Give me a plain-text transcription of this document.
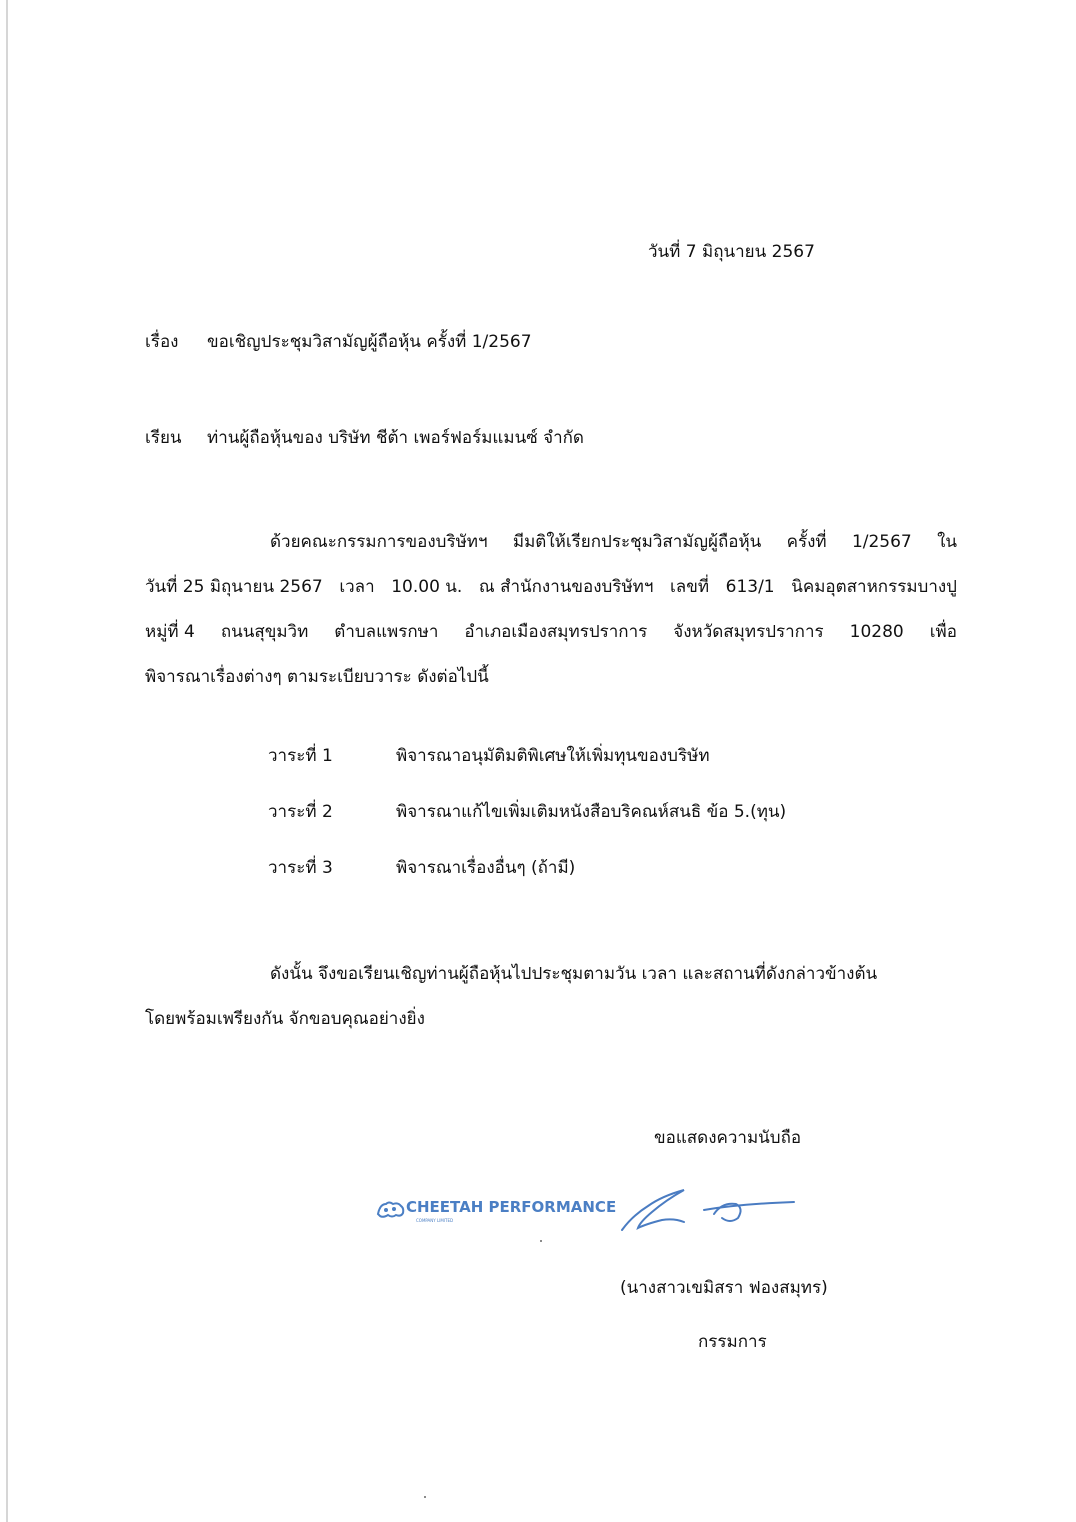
วันที่ 7 มิถุนายน 2567
เรื่อง ขอเชิญประชุมวิสามัญผู้ถือหุ้น ครั้งที่ 1/2567
เรียน ท่านผู้ถือหุ้นของ บริษัท ชีต้า เพอร์ฟอร์มแมนซ์ จำกัด
ด้วยคณะกรรมการของบริษัทฯ มีมติให้เรียกประชุมวิสามัญผู้ถือหุ้น ครั้งที่ 1/2567 ใน
วันที่ 25 มิถุนายน 2567 เวลา 10.00 น. ณ สำนักงานของบริษัทฯ เลขที่ 613/1 นิคมอุตสาหกรรมบางปู
หมู่ที่ 4 ถนนสุขุมวิท ตำบลแพรกษา อำเภอเมืองสมุทรปราการ จังหวัดสมุทรปราการ 10280 เพื่อ
พิจารณาเรื่องต่างๆ ตามระเบียบวาระ ดังต่อไปนี้
วาระที่ 1	พิจารณาอนุมัติมติพิเศษให้เพิ่มทุนของบริษัท
วาระที่ 2	พิจารณาแก้ไขเพิ่มเติมหนังสือบริคณห์สนธิ ข้อ 5.(ทุน)
วาระที่ 3	พิจารณาเรื่องอื่นๆ (ถ้ามี)
ดังนั้น จึงขอเรียนเชิญท่านผู้ถือหุ้นไปประชุมตามวัน เวลา และสถานที่ดังกล่าวข้างต้น
โดยพร้อมเพรียงกัน จักขอบคุณอย่างยิ่ง
ขอแสดงความนับถือ
CHEETAH PERFORMANCE
COMPANY LIMITED
(นางสาวเขมิสรา ฟองสมุทร)
กรรมการ
